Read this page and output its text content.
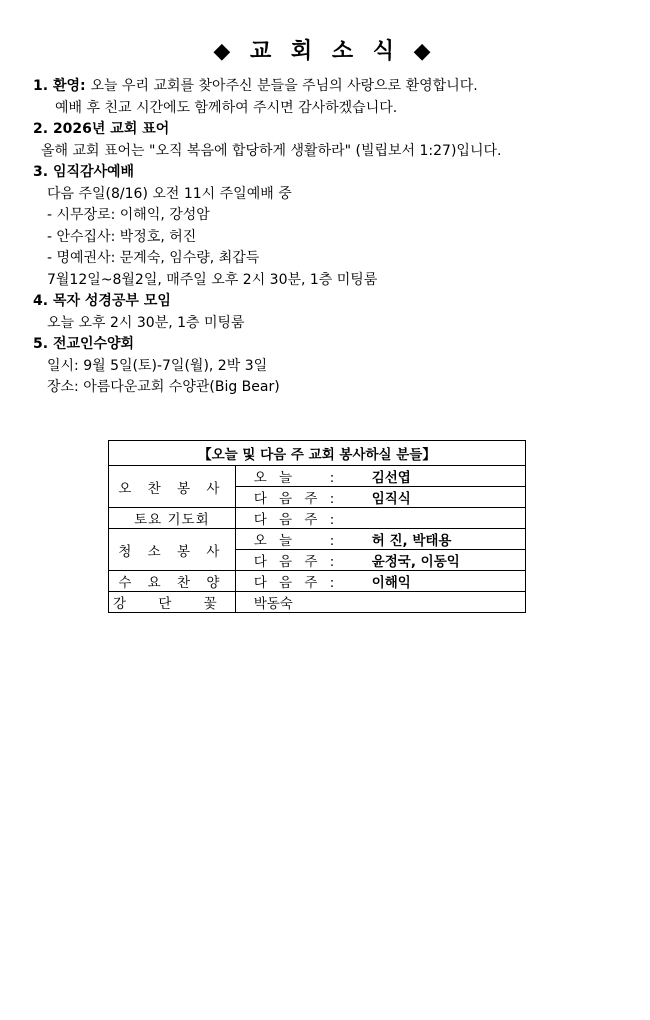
◆ 교 회 소 식 ◆
1. 환영: 오늘 우리 교회를 찾아주신 분들을 주님의 사랑으로 환영합니다.
예배 후 친교 시간에도 함께하여 주시면 감사하겠습니다.
2. 2026년 교회 표어
올해 교회 표어는 "오직 복음에 합당하게 생활하라" (빌립보서 1:27)입니다.
3. 임직감사예배
다음 주일(8/16) 오전 11시 주일예배 중
- 시무장로: 이해익, 강성암
- 안수집사: 박정호, 허진
- 명예권사: 문계숙, 임수량, 최갑득
7월12일~8월2일, 매주일 오후 2시 30분, 1층 미팅룸
4. 목자 성경공부 모임
오늘 오후 2시 30분, 1층 미팅룸
5. 전교인수양회
일시: 9월 5일(토)-7일(월), 2박 3일
장소: 아름다운교회 수양관(Big Bear)
【오늘 및 다음 주 교회 봉사하실 분들】	
오 찬 봉 사	오 늘 : 김선엽
	다 음 주 : 임직식
토요 기도회	다 음 주 :
청 소 봉 사	오 늘 : 허 진, 박태용
	다 음 주 : 윤정국, 이동익
수 요 찬 양	다 음 주 : 이해익
강 단 꽃	박동숙
